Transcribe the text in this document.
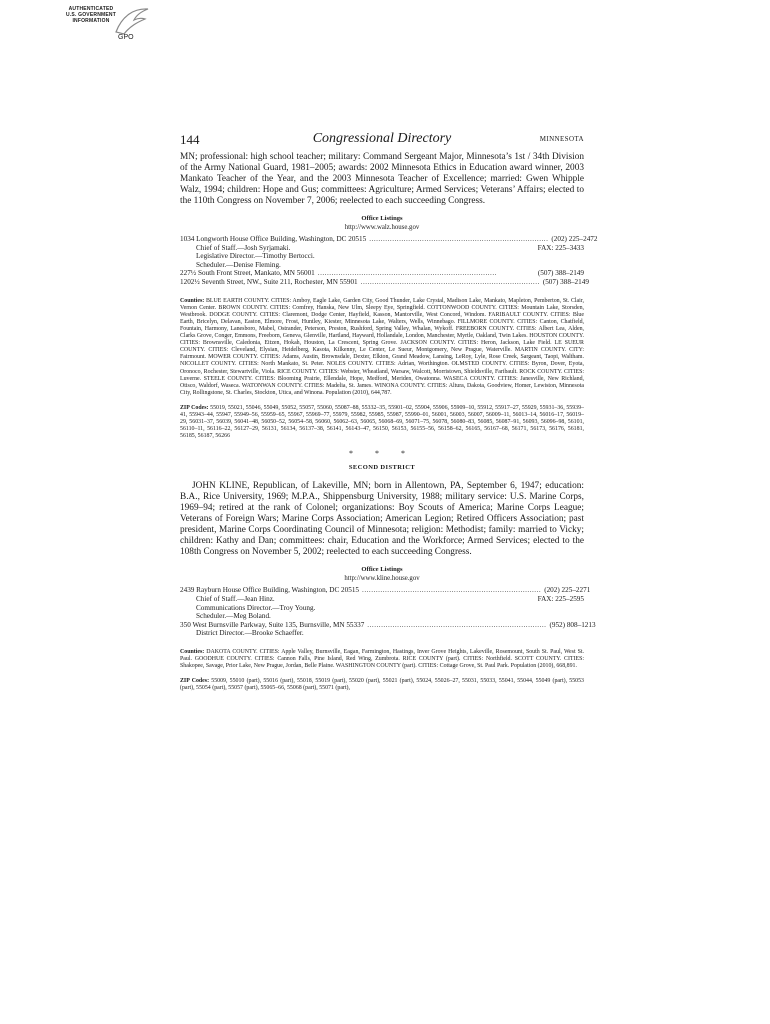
AUTHENTICATED
U.S. GOVERNMENT
INFORMATION
GPO
144	Congressional Directory	MINNESOTA

MN; professional: high school teacher; military: Command Sergeant Major, Minnesota’s 1st / 34th Division of the Army National Guard, 1981–2005; awards: 2002 Minnesota Ethics in Education award winner, 2003 Mankato Teacher of the Year, and the 2003 Minnesota Teacher of Excellence; married: Gwen Whipple Walz, 1994; children: Hope and Gus; committees: Agriculture; Armed Services; Veterans’ Affairs; elected to the 110th Congress on November 7, 2006; reelected to each succeeding Congress.

Office Listings
http://www.walz.house.gov
1034 Longworth House Office Building, Washington, DC 20515 .............................................................................. (202) 225–2472
Chief of Staff.—Josh Syrjamaki.	FAX: 225–3433
Legislative Director.—Timothy Bertocci.
Scheduler.—Denise Fleming.
227½ South Front Street, Mankato, MN 56001 ..............................................................................	(507) 388–2149
1202½ Seventh Street, NW., Suite 211, Rochester, MN 55901 .............................................................................. (507) 388–2149

Counties: BLUE EARTH COUNTY. CITIES: Amboy, Eagle Lake, Garden City, Good Thunder, Lake Crystal, Madison Lake, Mankato, Mapleton, Pemberton, St. Clair, Vernon Center. BROWN COUNTY. CITIES: Comfrey, Hanska, New Ulm, Sleepy Eye, Springfield. COTTONWOOD COUNTY. CITIES: Mountain Lake, Storsden, Westbrook. DODGE COUNTY. CITIES: Claremont, Dodge Center, Hayfield, Kasson, Mantorville, West Concord, Windom. FARIBAULT COUNTY. CITIES: Blue Earth, Bricelyn, Delavan, Easton, Elmore, Frost, Huntley, Kiester, Minnesota Lake, Walters, Wells, Winnebago. FILLMORE COUNTY. CITIES: Canton, Chatfield, Fountain, Harmony, Lanesboro, Mabel, Ostrander, Peterson, Preston, Rushford, Spring Valley, Whalan, Wykoff. FREEBORN COUNTY. CITIES: Albert Lea, Alden, Clarks Grove, Conger, Emmons, Freeborn, Geneva, Glenville, Hartland, Hayward, Hollandale, London, Manchester, Myrtle, Oakland, Twin Lakes. HOUSTON COUNTY. CITIES: Brownsville, Caledonia, Eitzen, Hokah, Houston, La Crescent, Spring Grove. JACKSON COUNTY. CITIES: Heron, Jackson, Lake Field. LE SUEUR COUNTY. CITIES: Cleveland, Elysian, Heidelberg, Kasota, Kilkenny, Le Center, Le Sueur, Montgomery, New Prague, Waterville. MARTIN COUNTY. CITY: Fairmount. MOWER COUNTY. CITIES: Adams, Austin, Brownsdale, Dexter, Elkton, Grand Meadow, Lansing, LeRoy, Lyle, Rose Creek, Sargeant, Taopi, Waltham. NICOLLET COUNTY. CITIES: North Mankato, St. Peter. NOLES COUNTY. CITIES: Adrian, Worthington. OLMSTED COUNTY. CITIES: Byron, Dover, Eyota, Oronoco, Rochester, Stewartville, Viola. RICE COUNTY. CITIES: Webster, Wheatland, Warsaw, Walcott, Morristown, Shieldsville, Faribault. ROCK COUNTY. CITIES: Luverne. STEELE COUNTY. CITIES: Blooming Prairie, Ellendale, Hope, Medford, Meriden, Owatonna. WASECA COUNTY. CITIES: Janesville, New Richland, Otisco, Waldorf, Waseca. WATONWAN COUNTY. CITIES: Madelia, St. James. WINONA COUNTY. CITIES: Altura, Dakota, Goodview, Homer, Lewiston, Minnesota City, Rollingstone, St. Charles, Stockton, Utica, and Winona. Population (2010), 644,787.

ZIP Codes: 55019, 55021, 55046, 55049, 55052, 55057, 55060, 55087–88, 55332–35, 55901–02, 55904, 55906, 55909–10, 55912, 55917–27, 55929, 55931–36, 55939–41, 55943–44, 55947, 55949–56, 55959–65, 55967, 55969–77, 55979, 55982, 55985, 55987, 55990–01, 56001, 56003, 56007, 56009–11, 56013–14, 56016–17, 56019–29, 56031–37, 56039, 56041–48, 56050–52, 56054–58, 56060, 56062–63, 56065, 56068–69, 56071–75, 56078, 56080–83, 56085, 56087–91, 56093, 56096–98, 56101, 56110–11, 56116–22, 56127–29, 56131, 56134, 56137–38, 56141, 56143–47, 56150, 56153, 56155–56, 56158–62, 56165, 56167–68, 56171, 56173, 56176, 56181, 56185, 56187, 56266

* * *
SECOND DISTRICT

JOHN KLINE, Republican, of Lakeville, MN; born in Allentown, PA, September 6, 1947; education: B.A., Rice University, 1969; M.P.A., Shippensburg University, 1988; military service: U.S. Marine Corps, 1969–94; retired at the rank of Colonel; organizations: Boy Scouts of America; Marine Corps League; Veterans of Foreign Wars; Marine Corps Association; American Legion; Retired Officers Association; past president, Marine Corps Coordinating Council of Minnesota; religion: Methodist; family: married to Vicky; children: Kathy and Dan; committees: chair, Education and the Workforce; Armed Services; elected to the 108th Congress on November 5, 2002; reelected to each succeeding Congress.

Office Listings
http://www.kline.house.gov
2439 Rayburn House Office Building, Washington, DC 20515 .............................................................................. (202) 225–2271
Chief of Staff.—Jean Hinz.	FAX: 225–2595
Communications Director.—Troy Young.
Scheduler.—Meg Boland.
350 West Burnsville Parkway, Suite 135, Burnsville, MN 55337 .............................................................................. (952) 808–1213
District Director.—Brooke Schaeffer.

Counties: DAKOTA COUNTY. CITIES: Apple Valley, Burnsville, Eagan, Farmington, Hastings, Inver Grove Heights, Lakeville, Rosemount, South St. Paul, West St. Paul. GOODHUE COUNTY. CITIES: Cannon Falls, Pine Island, Red Wing, Zumbrota. RICE COUNTY (part). CITIES: Northfield. SCOTT COUNTY. CITIES: Shakopee, Savage, Prior Lake, New Prague, Jordan, Belle Plaine. WASHINGTON COUNTY (part). CITIES: Cottage Grove, St. Paul Park. Population (2010), 668,891.

ZIP Codes: 55009, 55010 (part), 55016 (part), 55018, 55019 (part), 55020 (part), 55021 (part), 55024, 55026–27, 55031, 55033, 55041, 55044, 55049 (part), 55053 (part), 55054 (part), 55057 (part), 55065–66, 55068 (part), 55071 (part),
